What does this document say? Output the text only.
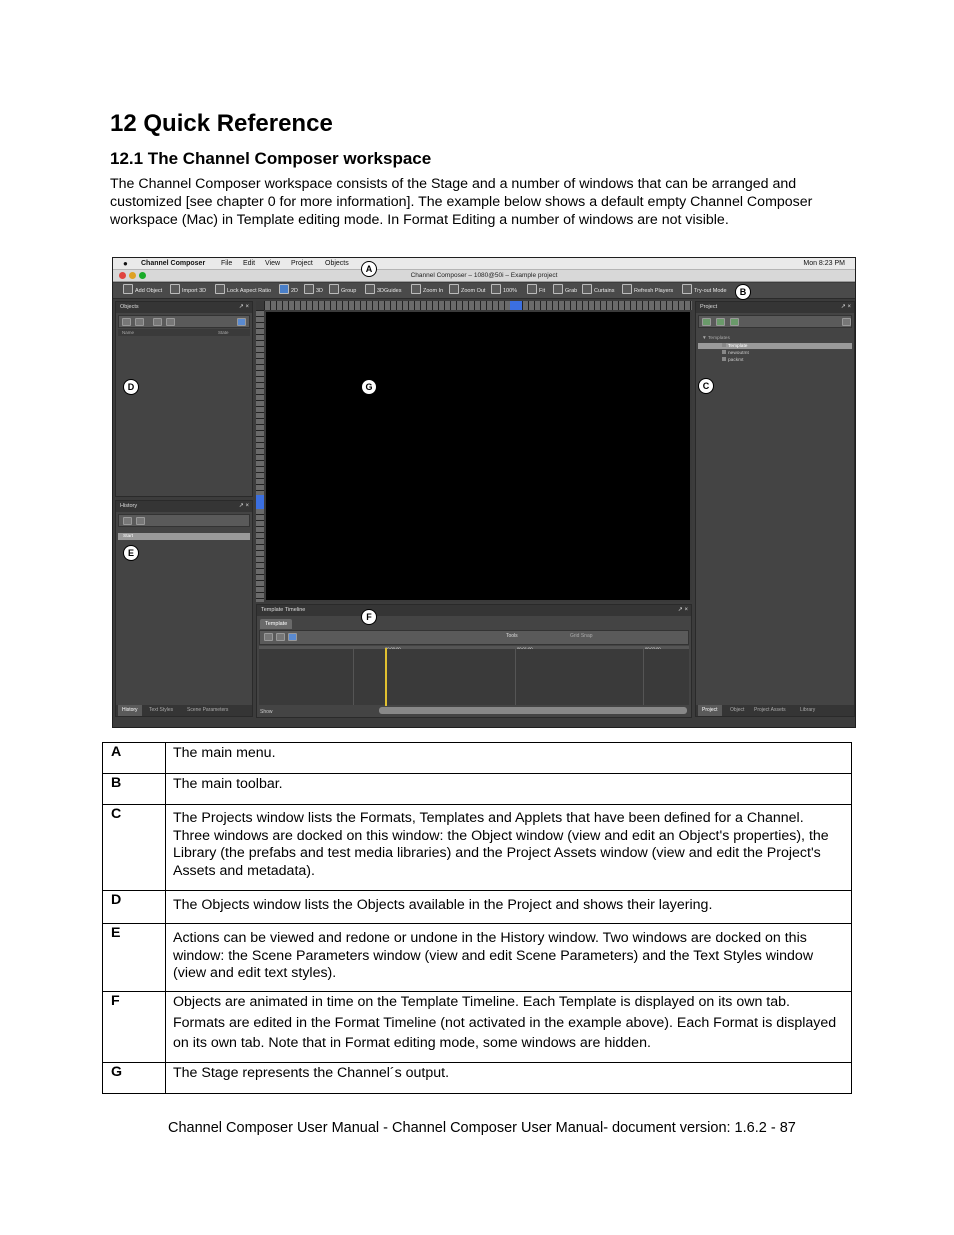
12 Quick Reference
12.1 The Channel Composer workspace
The Channel Composer workspace consists of the Stage and a number of windows that can be arranged and customized [see chapter 0 for more information]. The example below shows a default empty Channel Composer workspace (Mac) in Template editing mode. In Format Editing a number of windows are not visible.
● Channel Composer File Edit View Project Objects	Mon 8:23 PM
Channel Composer – 1080@50i – Example project
Add Object	Import 3D	Lock Aspect Ratio	2D	3D	Group	3DGuides	Zoom In	Zoom Out	100%	Fit	Grab	Curtains	Refresh Players	Try-out Mode
Objects	↗ ×
Name	State
History	↗ ×
Start
History	Text Styles	Scene Parameters
Template Timeline	↗ ×
Template
Tools	Grid Snap
Show
Project	↗ ×
▼ Templates
Template
newoutmt
packmt
Project	Object Project Assets	Library
A
B
C
D
E
F
G
A	The main menu.
B	The main toolbar.
C	The Projects window lists the Formats, Templates and Applets that have been defined for a Channel. Three windows are docked on this window: the Object window (view and edit an Object's properties), the Library (the prefabs and test media libraries) and the Project Assets window (view and edit the Project's Assets and metadata).
D	The Objects window lists the Objects available in the Project and shows their layering.
E	Actions can be viewed and redone or undone in the History window. Two windows are docked on this window: the Scene Parameters window (view and edit Scene Parameters) and the Text Styles window (view and edit text styles).
F	Objects are animated in time on the Template Timeline. Each Template is displayed on its own tab. Formats are edited in the Format Timeline (not activated in the example above). Each Format is displayed on its own tab. Note that in Format editing mode, some windows are hidden.
G	The Stage represents the Channel´s output.
Channel Composer User Manual - Channel Composer User Manual- document version: 1.6.2 - 87
